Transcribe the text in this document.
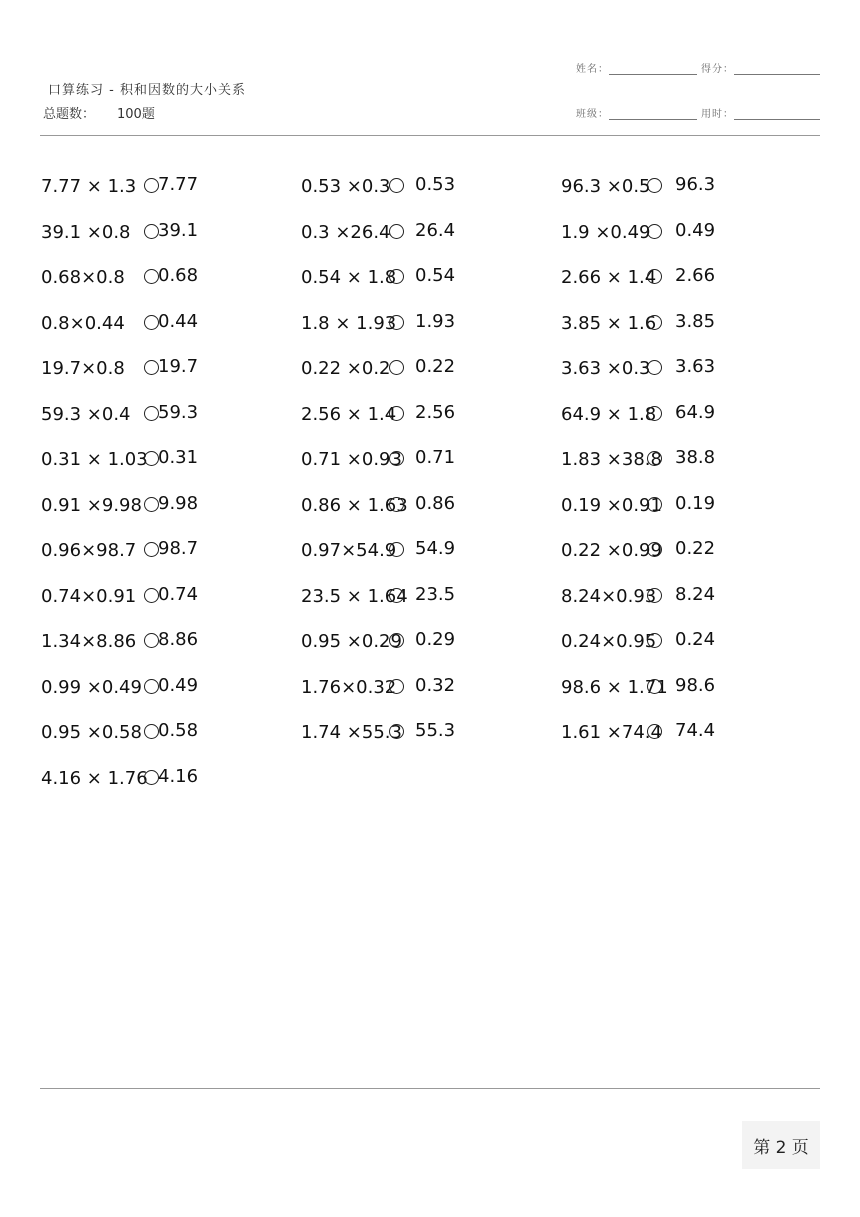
口算练习 - 积和因数的大小关系
总题数： 100题
姓名：	得分：
班级：	用时：
7.77 × 1.3 7.77	0.53 ×0.3 0.53	96.3 ×0.5 96.3
39.1 ×0.8 39.1	0.3 ×26.4 26.4	1.9 ×0.49 0.49
0.68×0.8 0.68	0.54 × 1.8 0.54	2.66 × 1.4 2.66
0.8×0.44 0.44	1.8 × 1.93 1.93	3.85 × 1.6 3.85
19.7×0.8 19.7	0.22 ×0.2 0.22	3.63 ×0.3 3.63
59.3 ×0.4 59.3	2.56 × 1.4 2.56	64.9 × 1.8 64.9
0.31 × 1.03 0.31	0.71 ×0.93 0.71	1.83 ×38.8 38.8
0.91 ×9.98 9.98	0.86 × 1.63 0.86	0.19 ×0.91 0.19
0.96×98.7 98.7	0.97×54.9 54.9	0.22 ×0.99 0.22
0.74×0.91 0.74	23.5 × 1.64 23.5	8.24×0.93 8.24
1.34×8.86 8.86	0.95 ×0.29 0.29	0.24×0.95 0.24
0.99 ×0.49 0.49	1.76×0.32 0.32	98.6 × 1.71 98.6
0.95 ×0.58 0.58	1.74 ×55.3 55.3	1.61 ×74.4 74.4
4.16 × 1.76 4.16
第 2 页
